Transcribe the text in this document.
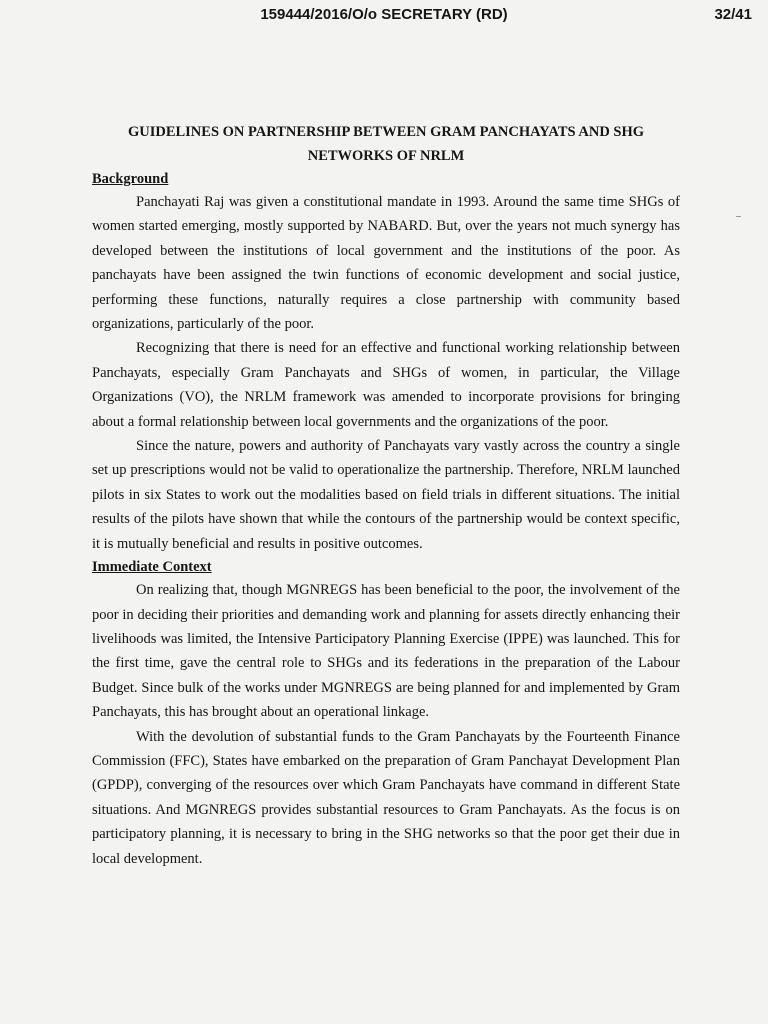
159444/2016/O/o SECRETARY (RD)	32/41
GUIDELINES ON PARTNERSHIP BETWEEN GRAM PANCHAYATS AND SHG NETWORKS OF NRLM
Background

Panchayati Raj was given a constitutional mandate in 1993. Around the same time SHGs of women started emerging, mostly supported by NABARD. But, over the years not much synergy has developed between the institutions of local government and the institutions of the poor. As panchayats have been assigned the twin functions of economic development and social justice, performing these functions, naturally requires a close partnership with community based organizations, particularly of the poor.

Recognizing that there is need for an effective and functional working relationship between Panchayats, especially Gram Panchayats and SHGs of women, in particular, the Village Organizations (VO), the NRLM framework was amended to incorporate provisions for bringing about a formal relationship between local governments and the organizations of the poor.

Since the nature, powers and authority of Panchayats vary vastly across the country a single set up prescriptions would not be valid to operationalize the partnership. Therefore, NRLM launched pilots in six States to work out the modalities based on field trials in different situations. The initial results of the pilots have shown that while the contours of the partnership would be context specific, it is mutually beneficial and results in positive outcomes.

Immediate Context

On realizing that, though MGNREGS has been beneficial to the poor, the involvement of the poor in deciding their priorities and demanding work and planning for assets directly enhancing their livelihoods was limited, the Intensive Participatory Planning Exercise (IPPE) was launched. This for the first time, gave the central role to SHGs and its federations in the preparation of the Labour Budget. Since bulk of the works under MGNREGS are being planned for and implemented by Gram Panchayats, this has brought about an operational linkage.

With the devolution of substantial funds to the Gram Panchayats by the Fourteenth Finance Commission (FFC), States have embarked on the preparation of Gram Panchayat Development Plan (GPDP), converging of the resources over which Gram Panchayats have command in different State situations. And MGNREGS provides substantial resources to Gram Panchayats. As the focus is on participatory planning, it is necessary to bring in the SHG networks so that the poor get their due in local development.
